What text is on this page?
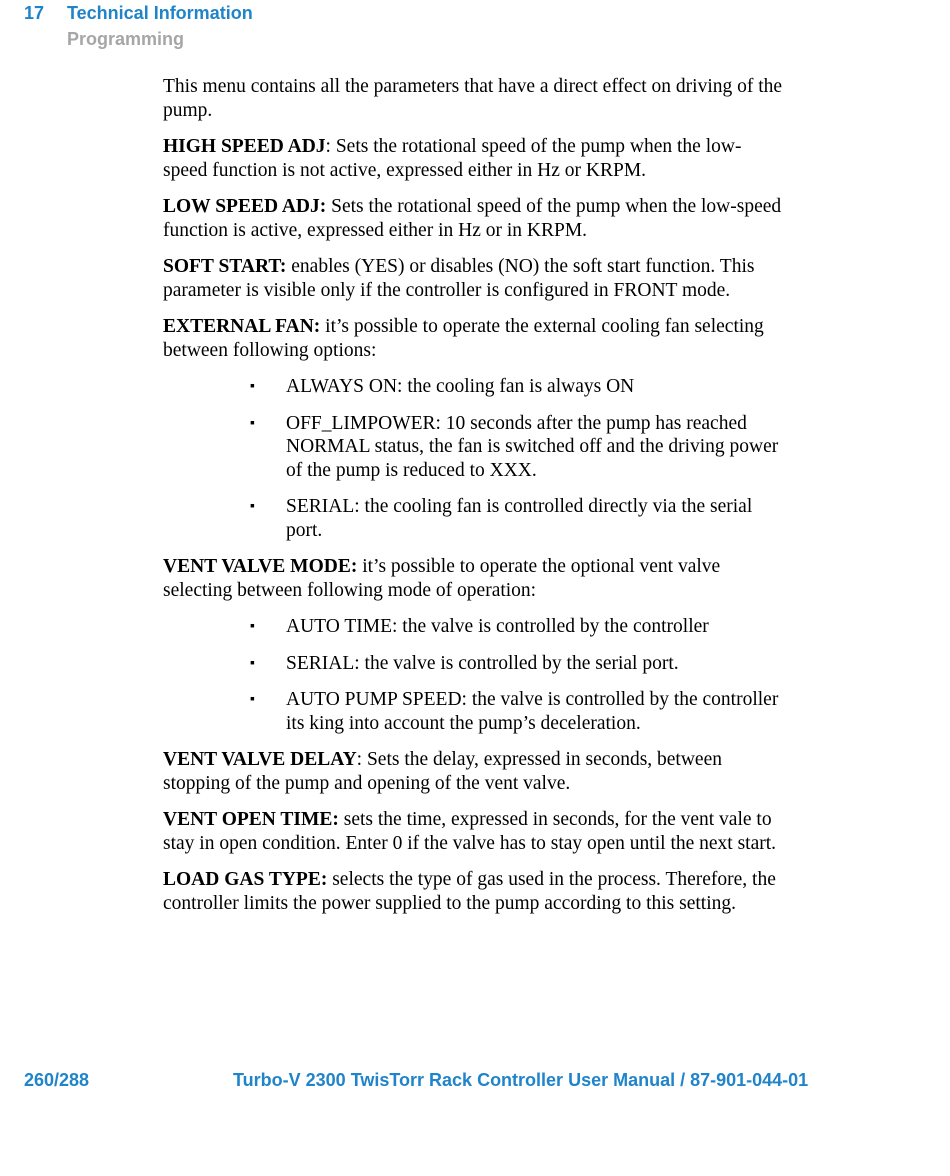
17 Technical Information
Programming

This menu contains all the parameters that have a direct effect on driving of the pump.

HIGH SPEED ADJ: Sets the rotational speed of the pump when the low-speed function is not active, expressed either in Hz or KRPM.

LOW SPEED ADJ: Sets the rotational speed of the pump when the low-speed function is active, expressed either in Hz or in KRPM.

SOFT START: enables (YES) or disables (NO) the soft start function. This parameter is visible only if the controller is configured in FRONT mode.

EXTERNAL FAN: it’s possible to operate the external cooling fan selecting between following options:

▪ ALWAYS ON: the cooling fan is always ON
▪ OFF_LIMPOWER: 10 seconds after the pump has reached NORMAL status, the fan is switched off and the driving power of the pump is reduced to XXX.
▪ SERIAL: the cooling fan is controlled directly via the serial port.

VENT VALVE MODE: it’s possible to operate the optional vent valve selecting between following mode of operation:

▪ AUTO TIME: the valve is controlled by the controller
▪ SERIAL: the valve is controlled by the serial port.
▪ AUTO PUMP SPEED: the valve is controlled by the controller its king into account the pump’s deceleration.

VENT VALVE DELAY: Sets the delay, expressed in seconds, between stopping of the pump and opening of the vent valve.

VENT OPEN TIME: sets the time, expressed in seconds, for the vent vale to stay in open condition. Enter 0 if the valve has to stay open until the next start.

LOAD GAS TYPE: selects the type of gas used in the process. Therefore, the controller limits the power supplied to the pump according to this setting.

260/288	Turbo-V 2300 TwisTorr Rack Controller User Manual / 87-901-044-01
